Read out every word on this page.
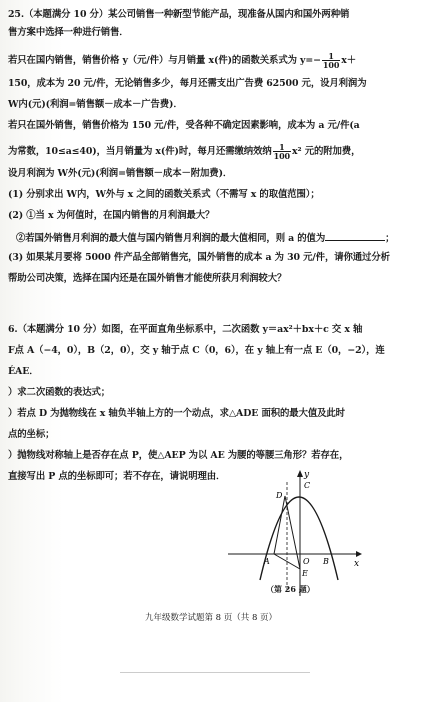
25.（本题满分 10 分）某公司销售一种新型节能产品，现准备从国内和国外两种销
售方案中选择一种进行销售．
若只在国内销售，销售价格 y（元/件）与月销量 x(件)的函数关系式为 $y=- \frac{1}{100} x+$
150，成本为 20 元/件，无论销售多少，每月还需支出广告费 62500 元，设月利润为
W内(元)(利润=销售额－成本－广告费)．
若只在国外销售，销售价格为 150 元/件，受各种不确定因素影响，成本为 a 元/件(a
为常数，10≤a≤40)，当月销量为 x(件)时，每月还需缴纳效纳 $\frac{1}{100} x^2$ 元的附加费，
设月利润为 W外(元)(利润=销售额－成本－附加费)．
(1) 分别求出 W内，W外与 x 之间的函数关系式（不需写 x 的取值范围）；
(2) ①当 x 为何值时，在国内销售的月利润最大？
②若国外销售月利润的最大值与国内销售月利润的最大值相同，则 a 的值为	；
(3) 如果某月要将 5000 件产品全部销售完，国外销售的成本 a 为 30 元/件，请你通过分析
帮助公司决策，选择在国内还是在国外销售才能使所获月利润较大？
6.（本题满分 10 分）如图，在平面直角坐标系中，二次函数 y＝ax²＋bx＋c 交 x 轴
F点 A（−4，0），B（2，0），交 y 轴于点 C（0，6），在 y 轴上有一点 E（0，−2），连
ÉAE．
）求二次函数的表达式；
）若点 D 为抛物线在 x 轴负半轴上方的一个动点，求△ADE 面积的最大值及此时
点的坐标；
）抛物线对称轴上是否存在点 P，使△AEP 为以 AE 为腰的等腰三角形？若存在，
直接写出 P 点的坐标即可；若不存在，请说明理由．	y
x
O B
A
D
C
E
（第 26 题）
九年级数学试题第 8 页（共 8 页）
